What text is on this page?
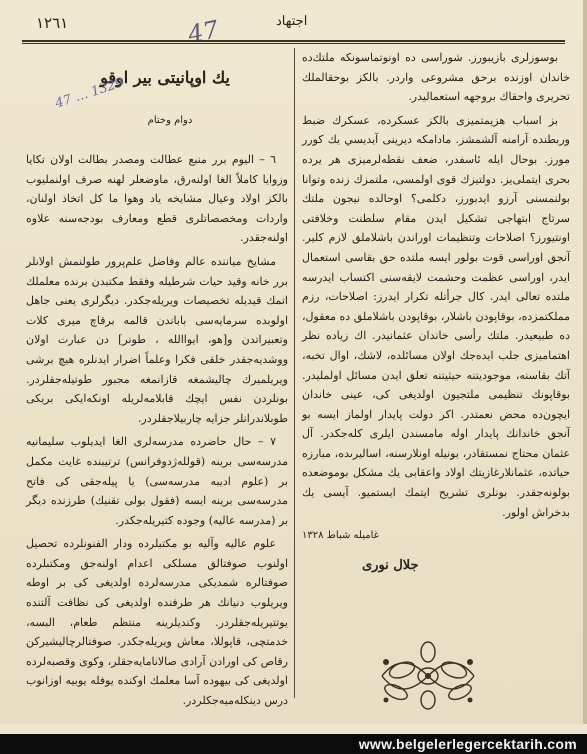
١٢٦١	47	اجتهاد
يك اوپانيتى بير اوقو
47 … 1329
دوام وختام

٦ – اليوم برر منبع عطالت ومصدر بطالت اولان تكايا وزوايا كاملاً الغا اولنه‌رق، ماوضعلر لهنه صرف اولنمليوب بالكز اولاد وعيال مشايخه ياد وهوا ما كل اتخاذ اولنان، واردات ومخصصاتلرى قطع ومعارف بودجه‌سنه علاوه اولنه‌جقدر.

مشايخ ميانند‌ه عالم وفاضل علم‌پرور طولنمش اولانلر برر خانه وقيد حيات شرطيله وفقط مكتبدن برنده معلملك اتمك قيديله تخصيصات وير‌يله‌جكدر. ديگرلرى يعنى جاهل اولوبده سرمايه‌سى باباندن قالمه برقاچ ميرى كلات وتعبيراتدن و[هو، ايواالله ، طونر] دن عبارت اولان ووشديه‌جقدر خلقى فكرا وعلماً اضرار ايدنلره هيچ برشى ويريلميرك چاليشمغه قازانمغه مجبور طوتيله‌جقلردر. بونلردن نفس ايچك قابلامه‌لريله اونكه‌ايكى بريكى طوبلاندرانلر جزايه چاربيلاجقلردر.

٧ – حال حاضرده مدرسه‌لرى الغا ايديلوب سليمانيه مدرسه‌سى برينه (قولله‌ژ‌دوفرانس) ترتيبنده غايت مكمل بر (علوم اديبه مدرسه‌سى) يا پيله‌جقى كى فاتح مدرسه‌سى برينه ايسه (فقول بولى تقنيك) طرزنده ديگر بر (مدرسه عاليه) وجوده كتيريله‌جكدر.

علوم عاليه وآليه بو مكتبلرده ودار الفنونلرده تحصيل اولنوب صوفتالق مسلكى اعدام اولنه‌جق ومكتبلرده صوفتالره شمديكى مدرسه‌لرده اولديغى كى بر اوطه ويريلوب دنيانك هر طرفنده اولديغى كى نظافت آلتنده يوتتير‌يله‌جقلردر. وكنديلرينه منتظم طعام، البسه، خدمتچى، قاپوللا، معاش ويريله‌جكدر. صوفتالرچاليشيركن رقاص كى اورادن آرادى صالانامايه‌جقلر، وكوى وقصبه‌لرده اولديغى كى بيهوده آسا معلمك اوكنده يوفله يوبيه اوزانوب درس دينكله‌ميه‌جكلردر.

بوسوزلرى بازيبورز. شوراسى ده اونوتماسونكه ملتك‌ده خاندان اوزنده برحق مشروعى واردر. بالكز بوحقالملك تحريرى واحقاك بروجهه استعماليدر.

بز اسباب هزيمتميزى بالكز عسكرده، عسكرك ضبط وربطنده آرامنه آلشمشز. مادامكه ديرينى آيديسي يك كورر مورز. بوحال ايله ئاسفدر، ضعف نقطه‌لرميزى هر يرده بحرى ايتملى‌يز. دولتيزك قوى اولمسى، ملتمزك زنده وتوانا بولنمسنى آرزو ايدبورز، دكلمى؟ اوحالده نيجون ملتك سرتاج ابتهاجى تشكيل ايدن مقام سلطنت وخلافتى اونتيورز؟ اصلاحات وتنظيمات اوراندن باشلاملق لازم كلير. آنجق اوراسى قوت بولور ايسه ملتده حق بقاسى استعمال ايدر، اوراسى عظمت وحشمت لايقه‌سنى اكتساب ايدرسه ملتده تعالى ايدر. كال جرأتله تكرار ايدرز: اصلاحات، رزم مملكتمزده، بوقاپودن باشلار، بوقاپودن باشلاملق ده معقول، ده طبيعيدر. ملتك رأسى خاندان عثمانيدر. اك زياده نظر اهتماميزى جلب ايده‌جك اولان مسائلده، لاشك، اوال تخبه، آتك بقاسنه، موجوديتنه حيثيتنه تعلق ايدن مسائل اولمليدر. بوقاپونك تنظيمى ملتجيون اولديغى كى، عينى خاندان ايچون‌ده محض نعمتدر. اكر دولت پايدار اولماز ايسه بو آنجق خاندانك پايدار اوله مامسندن ايلرى كله‌جكدر. آل عثمان محتاج نمستقادر، بونيله اونلارسنه، اساليرىده، مبارزه حياتده، عثمانلارغازيتك اولاد واعقابى يك مشكل بوموضعده بولونه‌جقدر. بونلرى تشريح ايتمك ايستميو. آيسى يك بدخراش اولور.

غاميله شباط ١٣٢٨
جلال نورى
www.belgelerlegercektarih.com
